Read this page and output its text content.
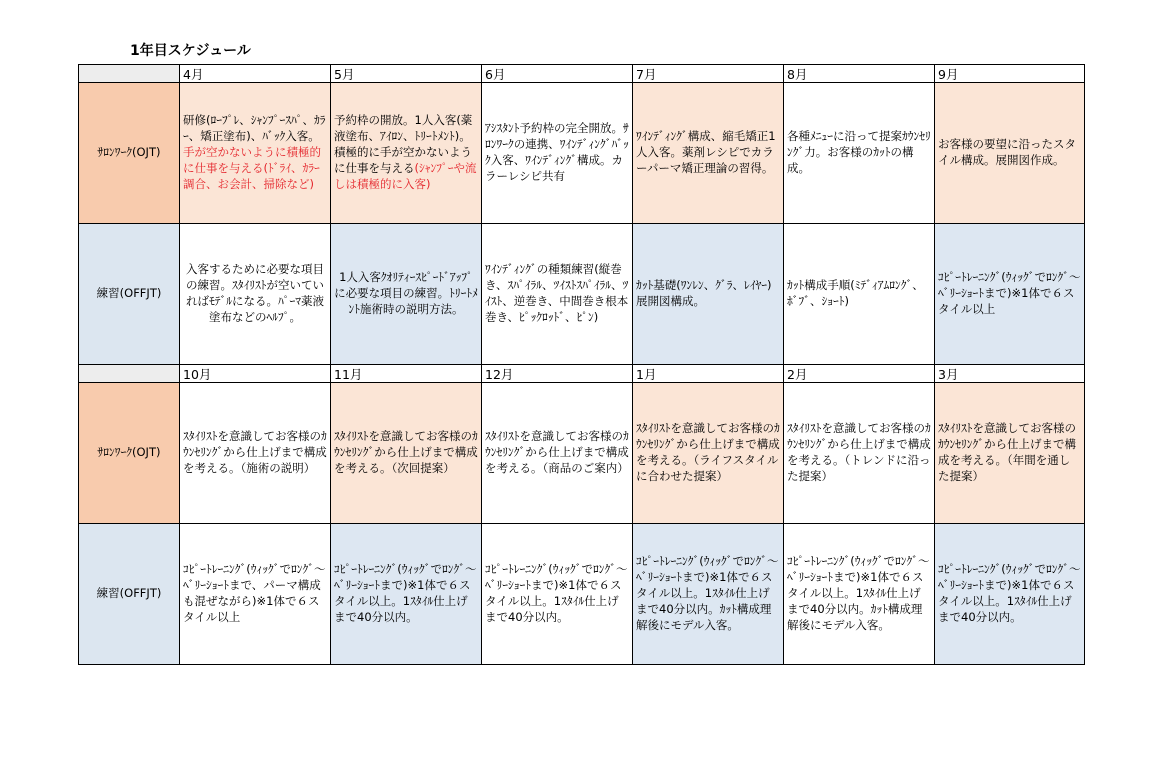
1年目スケジュール
	4月	5月	6月	7月	8月	9月
ｻﾛﾝﾜｰｸ(OJT)	研修(ﾛｰﾌﾟﾚ、ｼｬﾝﾌﾟｰｽﾊﾟ、ｶﾗｰ、矯正塗布)、ﾊﾞｯｸ入客。手が空かないように積極的に仕事を与える(ﾄﾞﾗｲ、ｶﾗｰ調合、お会計、掃除など)	予約枠の開放。1人入客(薬液塗布、ｱｲﾛﾝ、ﾄﾘｰﾄﾒﾝﾄ)。積極的に手が空かないように仕事を与える(ｼｬﾝﾌﾟｰや流しは積極的に入客)	ｱｼｽﾀﾝﾄ予約枠の完全開放。ｻﾛﾝﾜｰｸの連携、ﾜｲﾝﾃﾞｨﾝｸﾞﾊﾞｯｸ入客、ﾜｲﾝﾃﾞｨﾝｸﾞ構成。カラーレシピ共有	ﾜｲﾝﾃﾞｨﾝｸﾞ構成、縮毛矯正1人入客。薬剤レシピでカラーパーマ矯正理論の習得。	各種ﾒﾆｭｰに沿って提案ｶｳﾝｾﾘﾝｸﾞ力。お客様のｶｯﾄの構成。	お客様の要望に沿ったスタイル構成。展開図作成。
練習(OFFJT)	入客するために必要な項目の練習。ｽﾀｲﾘｽﾄが空いていればﾓﾃﾞﾙになる。ﾊﾟｰﾏ薬液塗布などのﾍﾙﾌﾟ。	1人入客ｸｵﾘﾃｨｰｽﾋﾟｰﾄﾞｱｯﾌﾟに必要な項目の練習。ﾄﾘｰﾄﾒﾝﾄ施術時の説明方法。	ﾜｲﾝﾃﾞｨﾝｸﾞの種類練習(縦巻き、ｽﾊﾟｲﾗﾙ、ﾂｲｽﾄｽﾊﾟｲﾗﾙ、ﾂｲｽﾄ、逆巻き、中間巻き根本巻き、ﾋﾟｯｸﾛｯﾄﾞ、ﾋﾟﾝ)	ｶｯﾄ基礎(ﾜﾝﾚﾝ、ｸﾞﾗ、ﾚｲﾔｰ)展開図構成。	ｶｯﾄ構成手順(ﾐﾃﾞｨｱﾑﾛﾝｸﾞ、ﾎﾞﾌﾞ、ｼｮｰﾄ)	ｺﾋﾟｰﾄﾚｰﾆﾝｸﾞ(ｳｨｯｸﾞでﾛﾝｸﾞ～ﾍﾞﾘｰｼｮｰﾄまで)※1体で６スタイル以上
	10月	11月	12月	1月	2月	3月
ｻﾛﾝﾜｰｸ(OJT)	ｽﾀｲﾘｽﾄを意識してお客様のｶｳﾝｾﾘﾝｸﾞから仕上げまで構成を考える。（施術の説明）	ｽﾀｲﾘｽﾄを意識してお客様のｶｳﾝｾﾘﾝｸﾞから仕上げまで構成を考える。（次回提案）	ｽﾀｲﾘｽﾄを意識してお客様のｶｳﾝｾﾘﾝｸﾞから仕上げまで構成を考える。（商品のご案内）	ｽﾀｲﾘｽﾄを意識してお客様のｶｳﾝｾﾘﾝｸﾞから仕上げまで構成を考える。（ライフスタイルに合わせた提案）	ｽﾀｲﾘｽﾄを意識してお客様のｶｳﾝｾﾘﾝｸﾞから仕上げまで構成を考える。（トレンドに沿った提案）	ｽﾀｲﾘｽﾄを意識してお客様のｶｳﾝｾﾘﾝｸﾞから仕上げまで構成を考える。（年間を通した提案）
練習(OFFJT)	ｺﾋﾟｰﾄﾚｰﾆﾝｸﾞ(ｳｨｯｸﾞでﾛﾝｸﾞ～ﾍﾞﾘｰｼｮｰﾄまで、パーマ構成も混ぜながら)※1体で６スタイル以上	ｺﾋﾟｰﾄﾚｰﾆﾝｸﾞ(ｳｨｯｸﾞでﾛﾝｸﾞ～ﾍﾞﾘｰｼｮｰﾄまで)※1体で６スタイル以上。1ｽﾀｲﾙ仕上げまで40分以内。	ｺﾋﾟｰﾄﾚｰﾆﾝｸﾞ(ｳｨｯｸﾞでﾛﾝｸﾞ～ﾍﾞﾘｰｼｮｰﾄまで)※1体で６スタイル以上。1ｽﾀｲﾙ仕上げまで40分以内。	ｺﾋﾟｰﾄﾚｰﾆﾝｸﾞ(ｳｨｯｸﾞでﾛﾝｸﾞ～ﾍﾞﾘｰｼｮｰﾄまで)※1体で６スタイル以上。1ｽﾀｲﾙ仕上げまで40分以内。ｶｯﾄ構成理解後にモデル入客。	ｺﾋﾟｰﾄﾚｰﾆﾝｸﾞ(ｳｨｯｸﾞでﾛﾝｸﾞ～ﾍﾞﾘｰｼｮｰﾄまで)※1体で６スタイル以上。1ｽﾀｲﾙ仕上げまで40分以内。ｶｯﾄ構成理解後にモデル入客。	ｺﾋﾟｰﾄﾚｰﾆﾝｸﾞ(ｳｨｯｸﾞでﾛﾝｸﾞ～ﾍﾞﾘｰｼｮｰﾄまで)※1体で６スタイル以上。1ｽﾀｲﾙ仕上げまで40分以内。
